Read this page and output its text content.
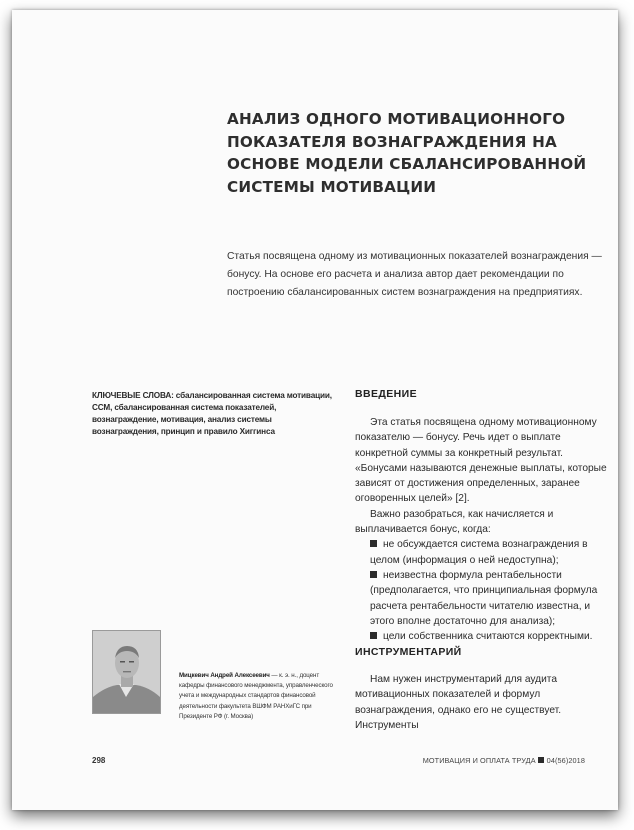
АНАЛИЗ ОДНОГО МОТИВАЦИОННОГО ПОКАЗАТЕЛЯ ВОЗНАГРАЖДЕНИЯ НА ОСНОВЕ МОДЕЛИ СБАЛАНСИРОВАННОЙ СИСТЕМЫ МОТИВАЦИИ

Статья посвящена одному из мотивационных показателей вознаграждения — бонусу. На основе его расчета и анализа автор дает рекомендации по построению сбалансированных систем вознаграждения на предприятиях.

КЛЮЧЕВЫЕ СЛОВА: сбалансированная система мотивации, ССМ, сбалансированная система показателей, вознаграждение, мотивация, анализ системы вознаграждения, принцип и правило Хиггинса

ВВЕДЕНИЕ

Эта статья посвящена одному мотивационному показателю — бонусу. Речь идет о выплате конкретной суммы за конкретный результат. «Бонусами называются денежные выплаты, которые зависят от достижения определенных, заранее оговоренных целей» [2].

Важно разобраться, как начисляется и выплачивается бонус, когда:

не обсуждается система вознаграждения в целом (информация о ней недоступна);

неизвестна формула рентабельности (предполагается, что принципиальная формула расчета рентабельности читателю известна, и этого вполне достаточно для анализа);

цели собственника считаются корректными.

ИНСТРУМЕНТАРИЙ

Нам нужен инструментарий для аудита мотивационных показателей и формул вознаграждения, однако его не существует. Инструменты

Мицкевич Андрей Алексеевич — к. э. н., доцент кафедры финансового менеджмента, управленческого учета и международных стандартов финансовой деятельности факультета ВШФМ РАНХиГС при Президенте РФ (г. Москва)

298	МОТИВАЦИЯ И ОПЛАТА ТРУДА 04(56)2018
